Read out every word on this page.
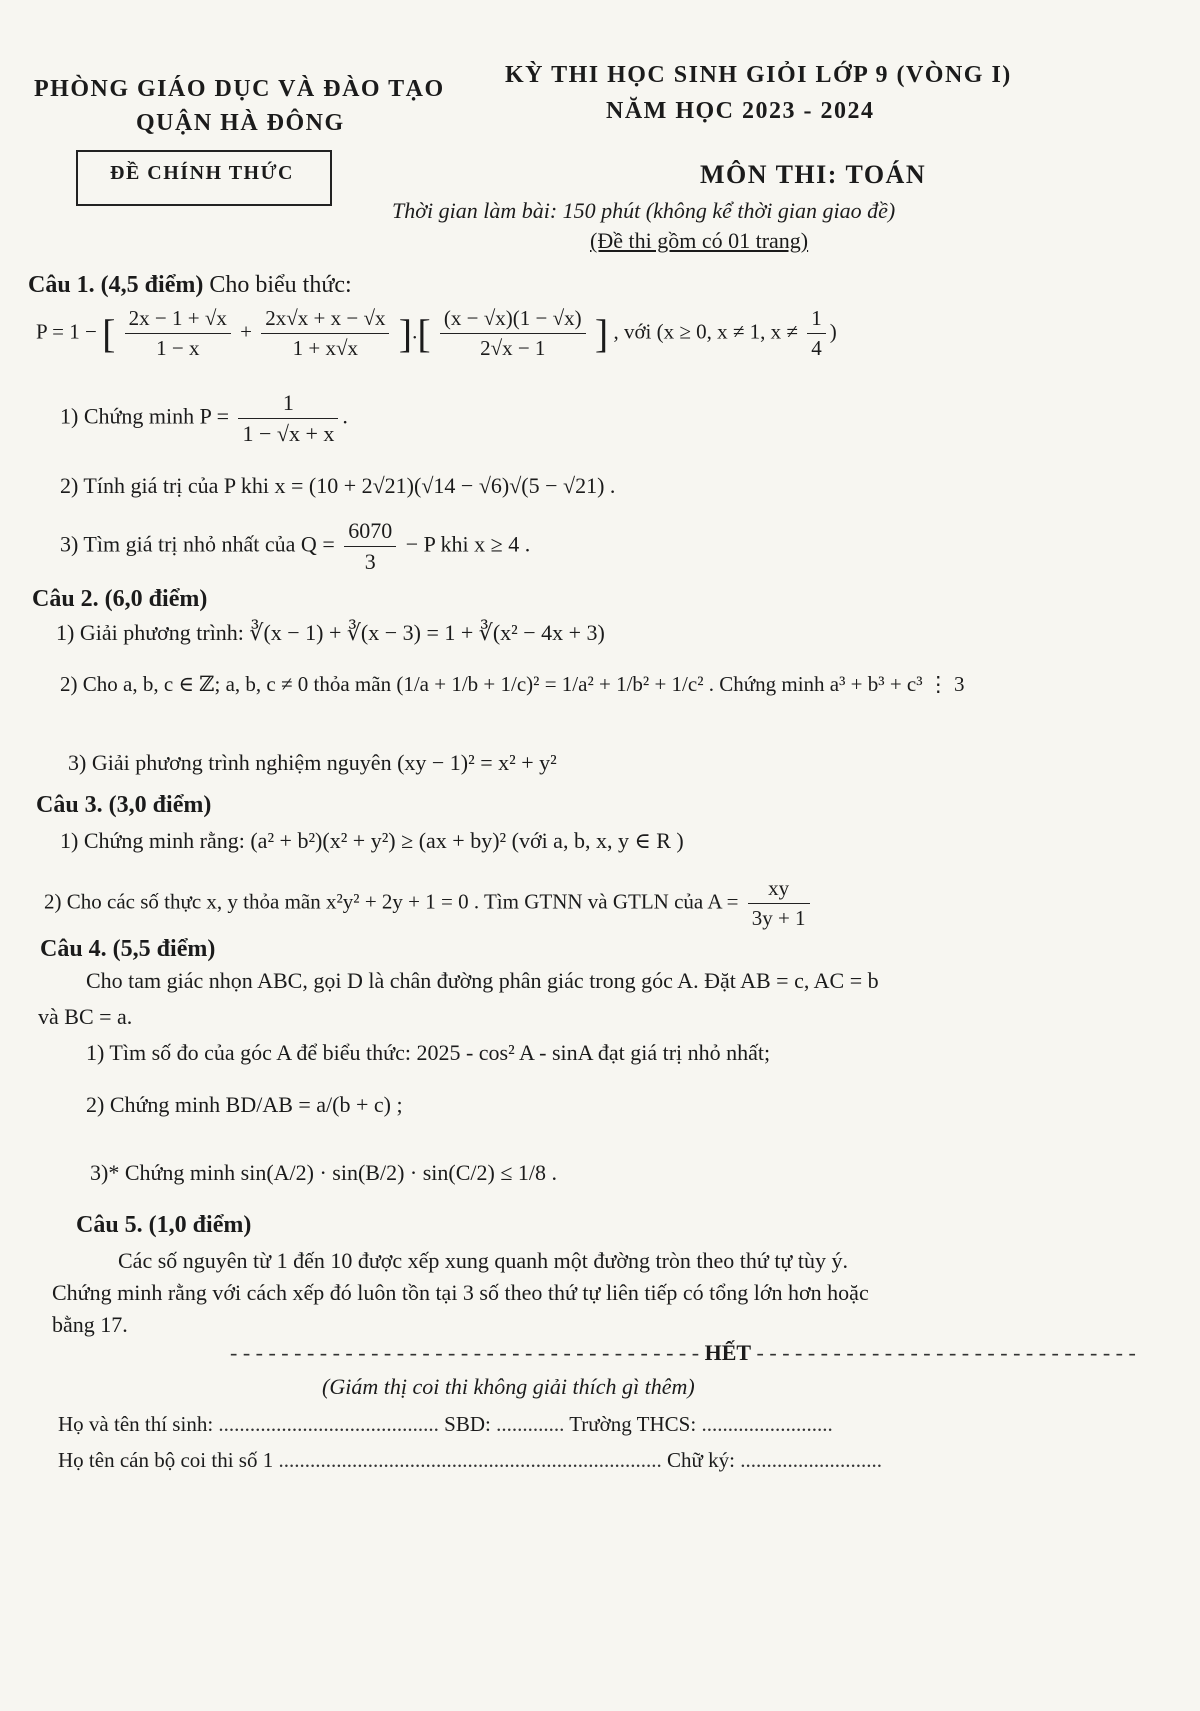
PHÒNG GIÁO DỤC VÀ ĐÀO TẠO
QUẬN HÀ ĐÔNG
KỲ THI HỌC SINH GIỎI LỚP 9 (VÒNG I)
NĂM HỌC 2023 - 2024
ĐỀ CHÍNH THỨC	MÔN THI: TOÁN
Thời gian làm bài: 150 phút (không kể thời gian giao đề)
(Đề thi gồm có 01 trang)
Câu 1. (4,5 điểm) Cho biểu thức:
P = 1 − [ $\frac{2x - 1 + √x}{1 - x} + \frac{2x√x + x - √x}{1 + x√x}$ ].[ $\frac{(x - √x)(1 - √x)}{2√x - 1}$ ] , với (x ≥ 0, x ≠ 1, $x \ne \frac{1}{4}$ )
1) Chứng minh $P = \frac{1}{1 - √x + x}$ .
2) Tính giá trị của P khi x = (10 + 2√21)(√14 − √6)√(5 − √21) .
3) Tìm giá trị nhỏ nhất của $Q = \frac{6070}{3} - P$ khi x ≥ 4 .
Câu 2. (6,0 điểm)
1) Giải phương trình: ∛(x − 1) + ∛(x − 3) = 1 + ∛(x² − 4x + 3)
2) Cho a, b, c ∈ ℤ; a, b, c ≠ 0 thỏa mãn (1/a + 1/b + 1/c)² = 1/a² + 1/b² + 1/c² . Chứng minh a³ + b³ + c³ ⋮ 3
3) Giải phương trình nghiệm nguyên (xy − 1)² = x² + y²
Câu 3. (3,0 điểm)
1) Chứng minh rằng: (a² + b²)(x² + y²) ≥ (ax + by)² (với a, b, x, y ∈ R )
2) Cho các số thực x, y thỏa mãn x²y² + 2y + 1 = 0 . Tìm GTNN và GTLN của $A = \frac{xy}{3y + 1}$
Câu 4. (5,5 điểm)
Cho tam giác nhọn ABC, gọi D là chân đường phân giác trong góc A. Đặt AB = c, AC = b
và BC = a.
1) Tìm số đo của góc A để biểu thức: 2025 - cos² A - sinA đạt giá trị nhỏ nhất;
2) Chứng minh BD/AB = a/(b + c) ;
3)* Chứng minh sin(A/2) · sin(B/2) · sin(C/2) ≤ 1/8 .
Câu 5. (1,0 điểm)
Các số nguyên từ 1 đến 10 được xếp xung quanh một đường tròn theo thứ tự tùy ý.
Chứng minh rằng với cách xếp đó luôn tồn tại 3 số theo thứ tự liên tiếp có tổng lớn hơn hoặc
bằng 17.
- - - - - - - - - - - - - - - - - - - - - - - - - - - - - - - - - - - - - HẾT - - - - - - - - - - - - - - - - - - - - - - - - - - - - - -
(Giám thị coi thi không giải thích gì thêm)
Họ và tên thí sinh: .......................................... SBD: ............. Trường THCS: .........................
Họ tên cán bộ coi thi số 1 ......................................................................... Chữ ký: ...........................
